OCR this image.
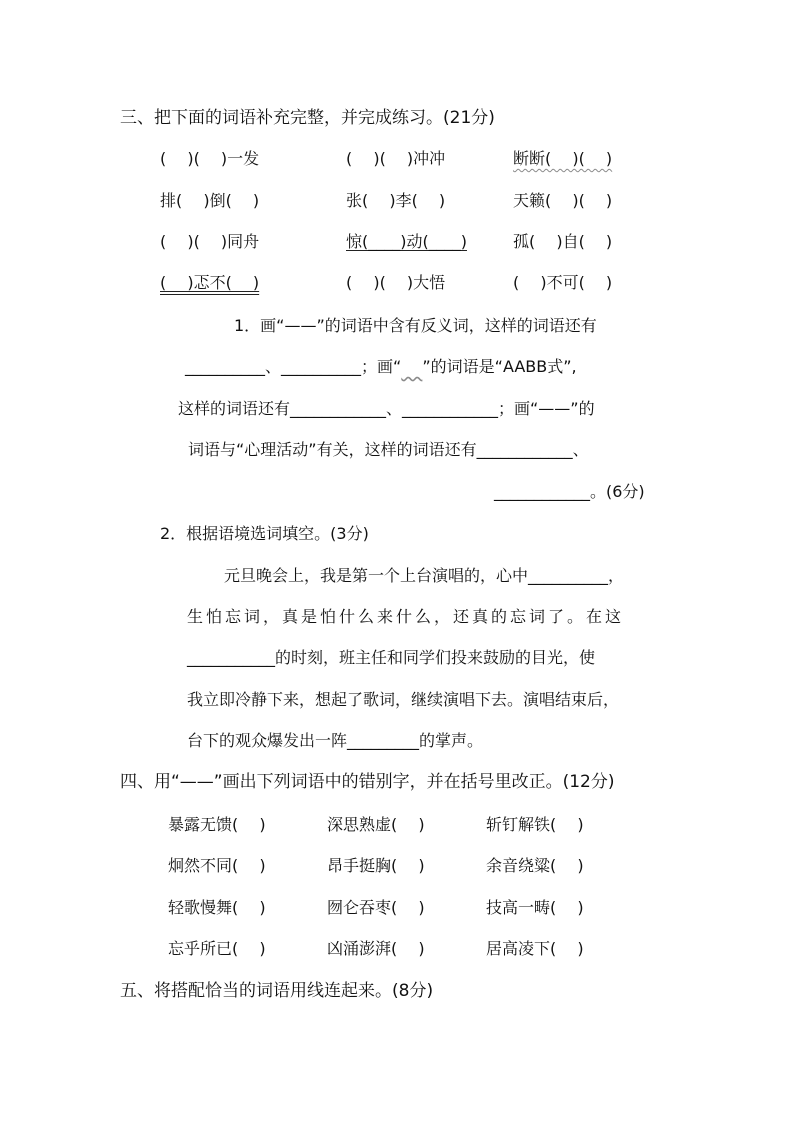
三、把下面的词语补充完整，并完成练习。(21分)
(　 )(　 )一发	(　 )(　 )冲冲	断断(　 )(　 )
排(　 )倒(　 )	张(　 )李(　 )	天籁(　 )(　 )
(　 )(　 )同舟	惊(____)动(____)	孤(　 )自(　 )
(　 )忑不(　 )	(　 )(　 )大悟	(　 )不可(　 )
1．画“——”的词语中含有反义词，这样的词语还有
__________、__________；画“　 ”的词语是“AABB式”,
这样的词语还有____________、____________；画“——”的
词语与“心理活动”有关，这样的词语还有____________、
____________。(6分)
2．根据语境选词填空。(3分)
元旦晚会上，我是第一个上台演唱的，心中__________，
生怕忘词，真是怕什么来什么，还真的忘词了。在这
___________的时刻，班主任和同学们投来鼓励的目光，使
我立即冷静下来，想起了歌词，继续演唱下去。演唱结束后，
台下的观众爆发出一阵_________的掌声。
四、用“——”画出下列词语中的错别字，并在括号里改正。(12分)
暴露无馈(　 )	深思熟虚(　 )	斩钉解铁(　 )
炯然不同(　 )	昂手挺胸(　 )	余音绕粱(　 )
轻歌慢舞(　 )	囫仑吞枣(　 )	技高一畴(　 )
忘乎所已(　 )	凶涌澎湃(　 )	居高凌下(　 )
五、将搭配恰当的词语用线连起来。(8分)
